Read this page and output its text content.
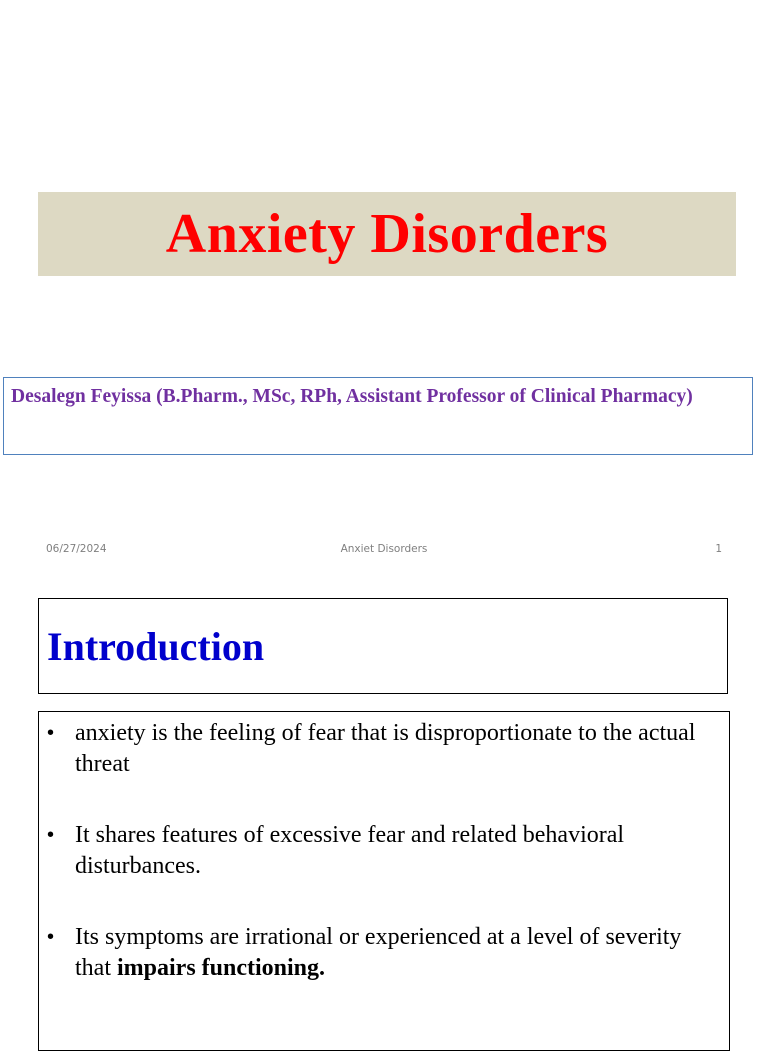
Anxiety Disorders
Desalegn Feyissa (B.Pharm., MSc, RPh, Assistant Professor of Clinical Pharmacy)
06/27/2024	Anxiet Disorders	1
Introduction
• anxiety is the feeling of fear that is disproportionate to the actual threat
• It shares features of excessive fear and related behavioral disturbances.
• Its symptoms are irrational or experienced at a level of severity that impairs functioning.
